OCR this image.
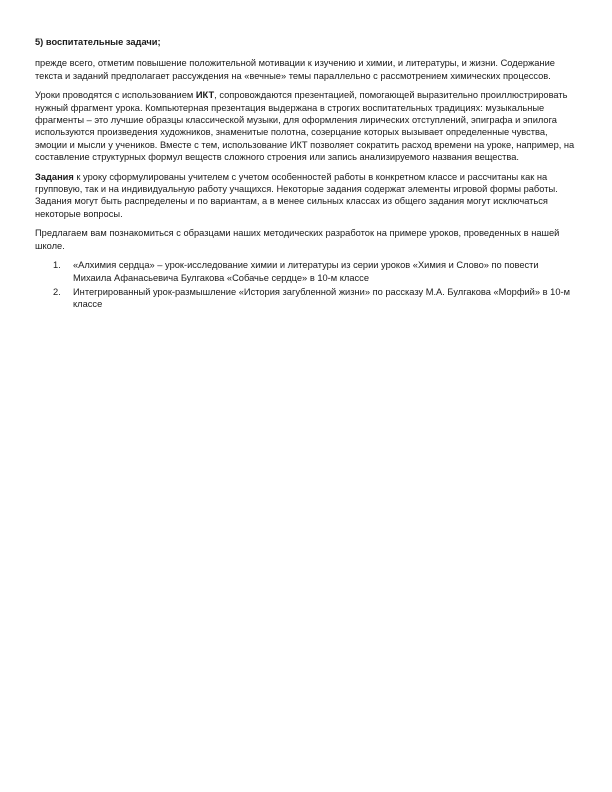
5) воспитательные задачи;

прежде всего, отметим повышение положительной мотивации к изучению и химии, и литературы, и жизни. Содержание текста и заданий предполагает рассуждения на «вечные» темы параллельно с рассмотрением химических процессов.

Уроки проводятся с использованием ИКТ, сопровождаются презентацией, помогающей выразительно проиллюстрировать нужный фрагмент урока. Компьютерная презентация выдержана в строгих воспитательных традициях: музыкальные фрагменты – это лучшие образцы классической музыки, для оформления лирических отступлений, эпиграфа и эпилога используются произведения художников, знаменитые полотна, созерцание которых вызывает определенные чувства, эмоции и мысли у учеников. Вместе с тем, использование ИКТ позволяет сократить расход времени на уроке, например, на составление структурных формул веществ сложного строения или запись анализируемого названия вещества.

Задания к уроку сформулированы учителем с учетом особенностей работы в конкретном классе и рассчитаны как на групповую, так и на индивидуальную работу учащихся. Некоторые задания содержат элементы игровой формы работы. Задания могут быть распределены и по вариантам, а в менее сильных классах из общего задания могут исключаться некоторые вопросы.

Предлагаем вам познакомиться с образцами наших методических разработок на примере уроков, проведенных в нашей школе.

1. «Алхимия сердца» – урок-исследование химии и литературы из серии уроков «Химия и Слово» по повести Михаила Афанасьевича Булгакова «Собачье сердце» в 10-м классе
2. Интегрированный урок-размышление «История загубленной жизни» по рассказу М.А. Булгакова «Морфий» в 10-м классе
